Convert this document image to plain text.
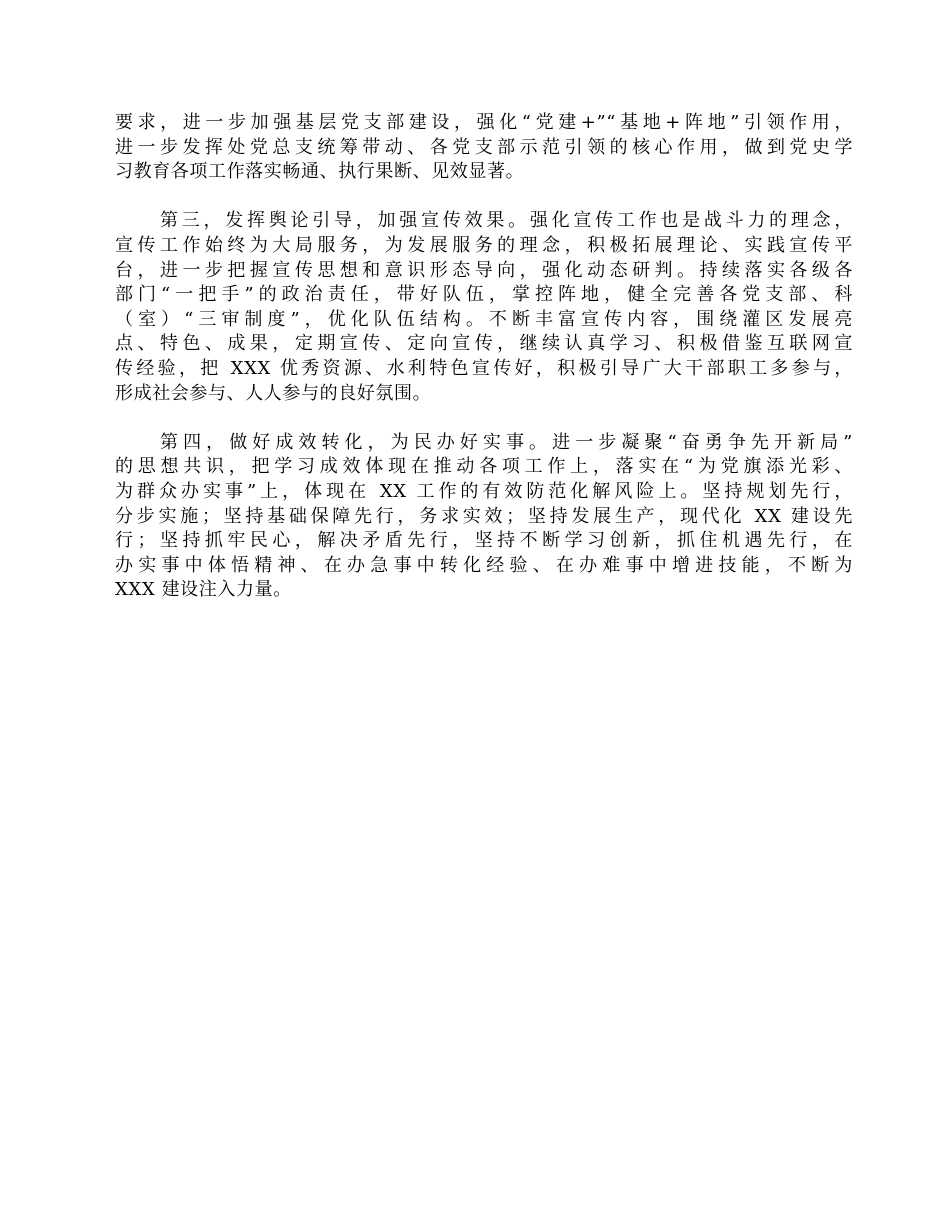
要求，进一步加强基层党支部建设，强化“党建+”“基地+阵地”引领作用，
进一步发挥处党总支统筹带动、各党支部示范引领的核心作用，做到党史学
习教育各项工作落实畅通、执行果断、见效显著。

第三，发挥舆论引导，加强宣传效果。强化宣传工作也是战斗力的理念，
宣传工作始终为大局服务，为发展服务的理念，积极拓展理论、实践宣传平
台，进一步把握宣传思想和意识形态导向，强化动态研判。持续落实各级各
部门“一把手”的政治责任，带好队伍，掌控阵地，健全完善各党支部、科
（室）“三审制度”，优化队伍结构。不断丰富宣传内容，围绕灌区发展亮
点、特色、成果，定期宣传、定向宣传，继续认真学习、积极借鉴互联网宣
传经验，把 XXX 优秀资源、水利特色宣传好，积极引导广大干部职工多参与，
形成社会参与、人人参与的良好氛围。

第四，做好成效转化，为民办好实事。进一步凝聚“奋勇争先开新局”
的思想共识，把学习成效体现在推动各项工作上，落实在“为党旗添光彩、
为群众办实事”上，体现在 XX 工作的有效防范化解风险上。坚持规划先行，
分步实施；坚持基础保障先行，务求实效；坚持发展生产，现代化 XX 建设先
行；坚持抓牢民心，解决矛盾先行，坚持不断学习创新，抓住机遇先行，在
办实事中体悟精神、在办急事中转化经验、在办难事中增进技能，不断为
XXX 建设注入力量。
